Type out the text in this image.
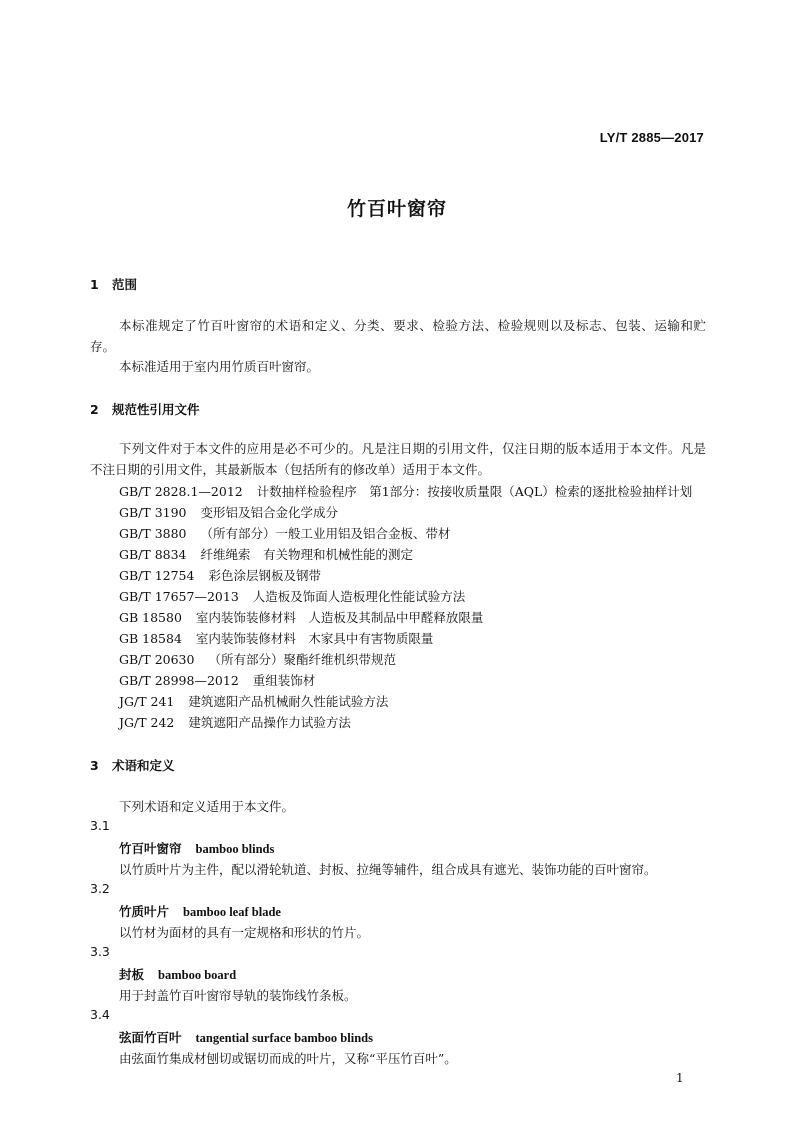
LY/T 2885—2017
竹百叶窗帘
1 范围
本标准规定了竹百叶窗帘的术语和定义、分类、要求、检验方法、检验规则以及标志、包装、运输和贮存。
本标准适用于室内用竹质百叶窗帘。
2 规范性引用文件
下列文件对于本文件的应用是必不可少的。凡是注日期的引用文件，仅注日期的版本适用于本文件。凡是不注日期的引用文件，其最新版本（包括所有的修改单）适用于本文件。
GB/T 2828.1—2012 计数抽样检验程序　第1部分：按接收质量限（AQL）检索的逐批检验抽样计划
GB/T 3190 变形铝及铝合金化学成分
GB/T 3880 （所有部分）一般工业用铝及铝合金板、带材
GB/T 8834 纤维绳索　有关物理和机械性能的测定
GB/T 12754 彩色涂层钢板及钢带
GB/T 17657—2013 人造板及饰面人造板理化性能试验方法
GB 18580 室内装饰装修材料　人造板及其制品中甲醛释放限量
GB 18584 室内装饰装修材料　木家具中有害物质限量
GB/T 20630 （所有部分）聚酯纤维机织带规范
GB/T 28998—2012 重组装饰材
JG/T 241 建筑遮阳产品机械耐久性能试验方法
JG/T 242 建筑遮阳产品操作力试验方法
3 术语和定义
下列术语和定义适用于本文件。
3.1
竹百叶窗帘 bamboo blinds
以竹质叶片为主件，配以滑轮轨道、封板、拉绳等辅件，组合成具有遮光、装饰功能的百叶窗帘。
3.2
竹质叶片 bamboo leaf blade
以竹材为面材的具有一定规格和形状的竹片。
3.3
封板 bamboo board
用于封盖竹百叶窗帘导轨的装饰线竹条板。
3.4
弦面竹百叶 tangential surface bamboo blinds
由弦面竹集成材刨切或锯切而成的叶片，又称“平压竹百叶”。
1
